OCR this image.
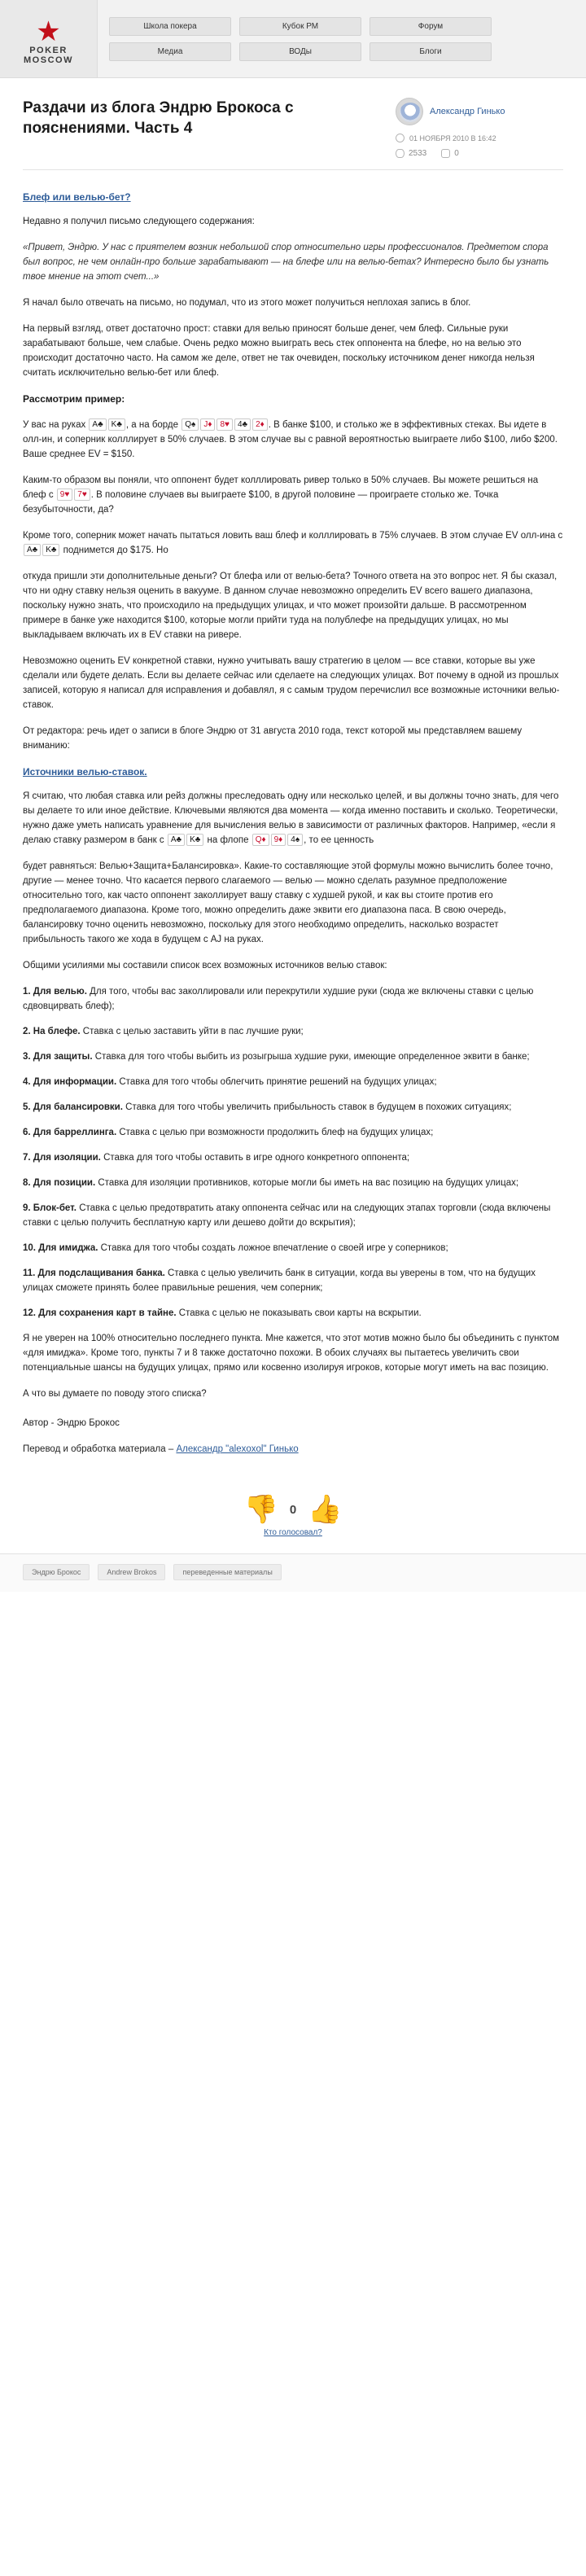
★
POKER
MOSCOW
Школа покера	Кубок РМ	Форум
Медиа	ВОДы	Блоги
Раздачи из блога Эндрю Брокоса с пояснениями. Часть 4
Александр Гинько
01 НОЯБРЯ 2010 В 16:42
2533	0
Блеф или велью-бет?

Недавно я получил письмо следующего содержания:

«Привет, Эндрю. У нас с приятелем возник небольшой спор относительно игры профессионалов. Предметом спора был вопрос, не чем онлайн-про больше зарабатывают — на блефе или на велью-бетах? Интересно было бы узнать твое мнение на этот счет...»

Я начал было отвечать на письмо, но подумал, что из этого может получиться неплохая запись в блог.

На первый взгляд, ответ достаточно прост: ставки для велью приносят больше денег, чем блеф. Сильные руки зарабатывают больше, чем слабые. Очень редко можно выиграть весь стек оппонента на блефе, но на велью это происходит достаточно часто. На самом же деле, ответ не так очевиден, поскольку источником денег никогда нельзя считать исключительно велью-бет или блеф.

Рассмотрим пример:

У вас на руках A♣ K♣ , а на борде Q♠ J♦ 8♥ 4♣ 2♦ . В банке $100, и столько же в эффективных стеках. Вы идете в олл-ин, и соперник колллирует в 50% случаев. В этом случае вы с равной вероятностью выиграете либо $100, либо $200. Ваше среднее EV = $150.

Каким-то образом вы поняли, что оппонент будет колллировать ривер только в 50% случаев. Вы можете решиться на блеф с 9♥ 7♥ . В половине случаев вы выиграете $100, в другой половине — проиграете столько же. Точка безубыточности, да?

Кроме того, соперник может начать пытаться ловить ваш блеф и колллировать в 75% случаев. В этом случае EV олл-ина с A♣ K♣ поднимется до $175. Но

откуда пришли эти дополнительные деньги? От блефа или от велью-бета? Точного ответа на это вопрос нет. Я бы сказал, что ни одну ставку нельзя оценить в вакууме. В данном случае невозможно определить EV всего вашего диапазона, поскольку нужно знать, что происходило на предыдущих улицах, и что может произойти дальше. В рассмотренном примере в банке уже находится $100, которые могли прийти туда на полублефе на предыдущих улицах, но мы выкладываем включать их в EV ставки на ривере.

Невозможно оценить EV конкретной ставки, нужно учитывать вашу стратегию в целом — все ставки, которые вы уже сделали или будете делать. Если вы делаете сейчас или сделаете на следующих улицах. Вот почему в одной из прошлых записей, которую я написал для исправления и добавлял, я с самым трудом перечислил все возможные источники велью-ставок.

От редактора: речь идет о записи в блоге Эндрю от 31 августа 2010 года, текст которой мы представляем вашему вниманию:

Источники велью-ставок.

Я считаю, что любая ставка или рейз должны преследовать одну или несколько целей, и вы должны точно знать, для чего вы делаете то или иное действие. Ключевыми являются два момента — когда именно поставить и сколько. Теоретически, нужно даже уметь написать уравнение для вычисления велью в зависимости от различных факторов. Например, «если я делаю ставку размером в банк с A♣ K♣ на флопе Q♦ 9♦ 4♠ , то ее ценность

будет равняться: Велью+Защита+Балансировка». Какие-то составляющие этой формулы можно вычислить более точно, другие — менее точно. Что касается первого слагаемого — велью — можно сделать разумное предположение относительно того, как часто оппонент заколлирует вашу ставку с худшей рукой, и как вы стоите против его предполагаемого диапазона. Кроме того, можно определить даже эквити его диапазона паса. В свою очередь, балансировку точно оценить невозможно, поскольку для этого необходимо определить, насколько возрастет прибыльность такого же хода в будущем с AJ на руках.

Общими усилиями мы составили список всех возможных источников велью ставок:

1. Для велью. Для того, чтобы вас заколлировали или перекрутили худшие руки (сюда же включены ставки с целью сдвовцирвать блеф);
2. На блефе. Ставка с целью заставить уйти в пас лучшие руки;
3. Для защиты. Ставка для того чтобы выбить из розыгрыша худшие руки, имеющие определенное эквити в банке;
4. Для информации. Ставка для того чтобы облегчить принятие решений на будущих улицах;
5. Для балансировки. Ставка для того чтобы увеличить прибыльность ставок в будущем в похожих ситуациях;
6. Для барреллинга. Ставка с целью при возможности продолжить блеф на будущих улицах;
7. Для изоляции. Ставка для того чтобы оставить в игре одного конкретного оппонента;
8. Для позиции. Ставка для изоляции противников, которые могли бы иметь на вас позицию на будущих улицах;
9. Блок-бет. Ставка с целью предотвратить атаку оппонента сейчас или на следующих этапах торговли (сюда включены ставки с целью получить бесплатную карту или дешево дойти до вскрытия);
10. Для имиджа. Ставка для того чтобы создать ложное впечатление о своей игре у соперников;
11. Для подслащивания банка. Ставка с целью увеличить банк в ситуации, когда вы уверены в том, что на будущих улицах сможете принять более правильные решения, чем соперник;
12. Для сохранения карт в тайне. Ставка с целью не показывать свои карты на вскрытии.

Я не уверен на 100% относительно последнего пункта. Мне кажется, что этот мотив можно было бы объединить с пунктом «для имиджа». Кроме того, пункты 7 и 8 также достаточно похожи. В обоих случаях вы пытаетесь увеличить свои потенциальные шансы на будущих улицах, прямо или косвенно изолируя игроков, которые могут иметь на вас позицию.

А что вы думаете по поводу этого списка?

Автор - Эндрю Брокос

Перевод и обработка материала – Александр "alexoxol" Гинько

👎 0 👍
Кто голосовал?
Эндрю Брокос	Andrew Brokos	переведенные материалы
